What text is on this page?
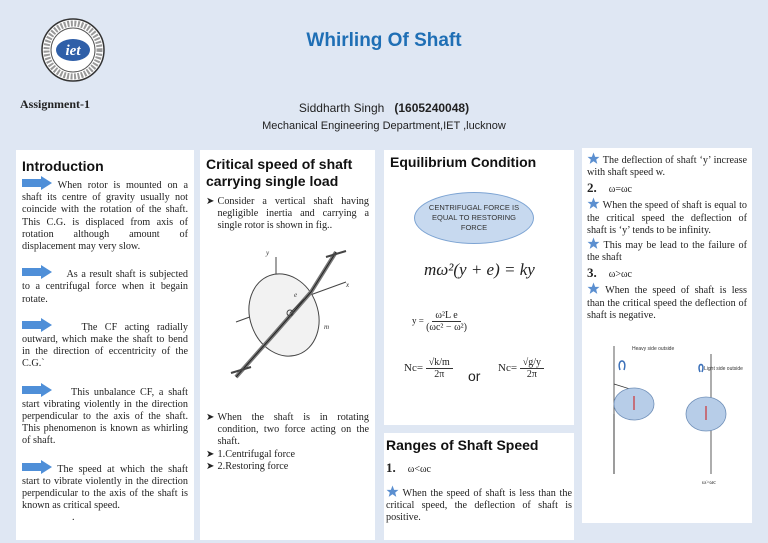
iet	Whirling Of Shaft
Assignment-1	Siddharth Singh (1605240048)
Mechanical Engineering Department,IET ,lucknow
Introduction
When rotor is mounted on a shaft its centre of gravity usually not coincide with the rotation of the shaft. This C.G. is displaced from axis of rotation although amount of displacement may very slow.
As a result shaft is subjected to a centrifugal force when it begain rotate.
The CF acting radially outward, which make the shaft to bend in the direction of eccentricity of the C.G.`
This unbalance CF, a shaft start vibrating violently in the direction perpendicular to the axis of the shaft. This phenomenon is known as whirling of shaft.
The speed at which the shaft start to vibrate violently in the direction perpendicular to the axis of the shaft is known as critical speed.
.
Critical speed of shaft carrying single load
➤ Consider a vertical shaft having negligible inertia and carrying a single rotor is shown in fig..
y
x
e
m
➤ When the shaft is in rotating condition, two force acting on the shaft.
➤ 1.Centrifugal force
➤ 2.Restoring force
Equilibrium Condition
CENTRIFUGAL FORCE IS EQUAL TO RESTORING FORCE
mω²(y + e) = ky
$y = \frac{\text{ω²L e}}{\text{(ωc² − ω²)}}$
$Nc= \frac{√k/m}{2\pi}$ or $Nc= \frac{√g/y}{2\pi}$
Ranges of Shaft Speed
1. ω<ωc
When the speed of shaft is less than the critical speed, the deflection of shaft is positive.
The deflection of shaft ‘y’ increase with shaft speed w.
2. ω=ωc
When the speed of shaft is equal to the critical speed the deflection of shaft is ‘y’ tends to be infinity.
This may be lead to the failure of the shaft
3. ω>ωc
When the speed of shaft is less than the critical speed the deflection of shaft is negative.
Heavy side outside
Light side outside
ω>ωc
